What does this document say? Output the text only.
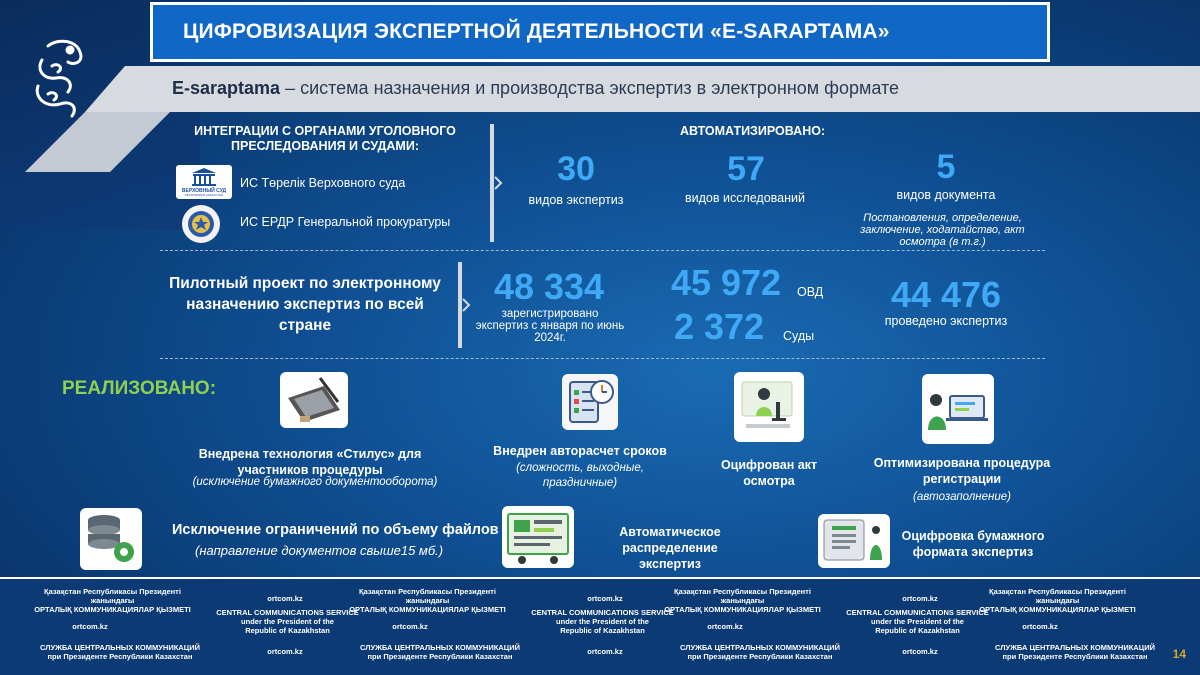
ЦИФРОВИЗАЦИЯ ЭКСПЕРТНОЙ ДЕЯТЕЛЬНОСТИ «E-SARAPTAMA»
E-saraptama – система назначения и производства экспертиз в электронном формате
ИНТЕГРАЦИИ С ОРГАНАМИ УГОЛОВНОГО ПРЕСЛЕДОВАНИЯ И СУДАМИ:
ВЕРХОВНЫЙ СУД
РЕСПУБЛИКИ КАЗАХСТАН
ИС Төрелік Верховного суда
ИС ЕРДР Генеральной прокуратуры
АВТОМАТИЗИРОВАНО:
30
видов экспертиз
57
видов исследований
5
видов документа
Постановления, определение, заключение, ходатайство, акт осмотра (в т.г.)
Пилотный проект по электронному назначению экспертиз по всей стране
48 334
зарегистрировано экспертиз с января по июнь 2024г.
45 972	ОВД
2 372	Суды
44 476
проведено экспертиз
РЕАЛИЗОВАНО:
Внедрена технология «Стилус» для участников процедуры
(исключение бумажного документооборота)
Внедрен авторасчет сроков
(сложность, выходные, праздничные)
Оцифрован акт осмотра
Оптимизирована процедура регистрации
(автозаполнение)
Исключение ограничений по объему файлов
(направление документов свыше15 мб.)
Автоматическое распределение экспертиз
Оцифровка бумажного формата экспертиз
Қазақстан Республикасы Президенті жанындағы
ОРТАЛЫҚ КОММУНИКАЦИЯЛАР ҚЫЗМЕТІ
ortcom.kz
ortcom.kz
CENTRAL COMMUNICATIONS SERVICE
under the President of the
Republic of Kazakhstan
СЛУЖБА ЦЕНТРАЛЬНЫХ КОММУНИКАЦИЙ
при Президенте Республики Казахстан
ortcom.kz
Қазақстан Республикасы Президенті жанындағы
ОРТАЛЫҚ КОММУНИКАЦИЯЛАР ҚЫЗМЕТІ
ortcom.kz
ortcom.kz
CENTRAL COMMUNICATIONS SERVICE
under the President of the
Republic of Kazakhstan
СЛУЖБА ЦЕНТРАЛЬНЫХ КОММУНИКАЦИЙ
при Президенте Республики Казахстан
ortcom.kz
Қазақстан Республикасы Президенті жанындағы
ОРТАЛЫҚ КОММУНИКАЦИЯЛАР ҚЫЗМЕТІ
ortcom.kz
ortcom.kz
CENTRAL COMMUNICATIONS SERVICE
under the President of the
Republic of Kazakhstan
СЛУЖБА ЦЕНТРАЛЬНЫХ КОММУНИКАЦИЙ
при Президенте Республики Казахстан
ortcom.kz
Қазақстан Республикасы Президенті жанындағы
ОРТАЛЫҚ КОММУНИКАЦИЯЛАР ҚЫЗМЕТІ
ortcom.kz
СЛУЖБА ЦЕНТРАЛЬНЫХ КОММУНИКАЦИЙ
при Президенте Республики Казахстан	14
